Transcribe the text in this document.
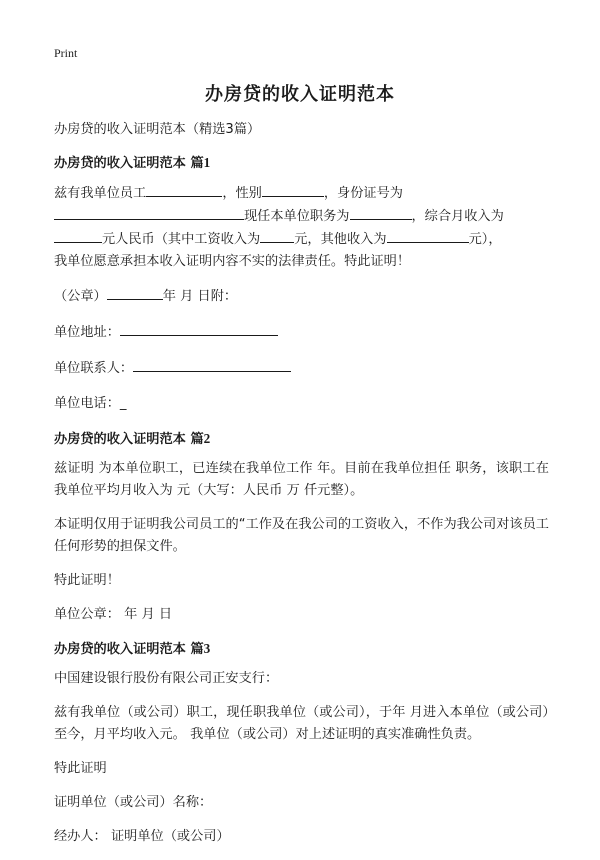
Print
办房贷的收入证明范本

办房贷的收入证明范本（精选3篇）

办房贷的收入证明范本 篇1

兹有我单位员工	，性别	，身份证号为
现任本单位职务为	，综合月收入为
元人民币（其中工资收入为	元，其他收入为	元），
我单位愿意承担本收入证明内容不实的法律责任。特此证明！

（公章）	年 月 日附：

单位地址：

单位联系人：

单位电话：_

办房贷的收入证明范本 篇2

兹证明 为本单位职工，已连续在我单位工作 年。目前在我单位担任 职务，该职工在我单位平均月收入为 元（大写：人民币 万 仟元整）。

本证明仅用于证明我公司员工的“工作及在我公司的工资收入，不作为我公司对该员工任何形势的担保文件。

特此证明！

单位公章： 年 月 日

办房贷的收入证明范本 篇3

中国建设银行股份有限公司正安支行：

兹有我单位（或公司）职工，现任职我单位（或公司），于年 月进入本单位（或公司）至今，月平均收入元。 我单位（或公司）对上述证明的真实准确性负责。

特此证明

证明单位（或公司）名称：

经办人： 证明单位（或公司）
